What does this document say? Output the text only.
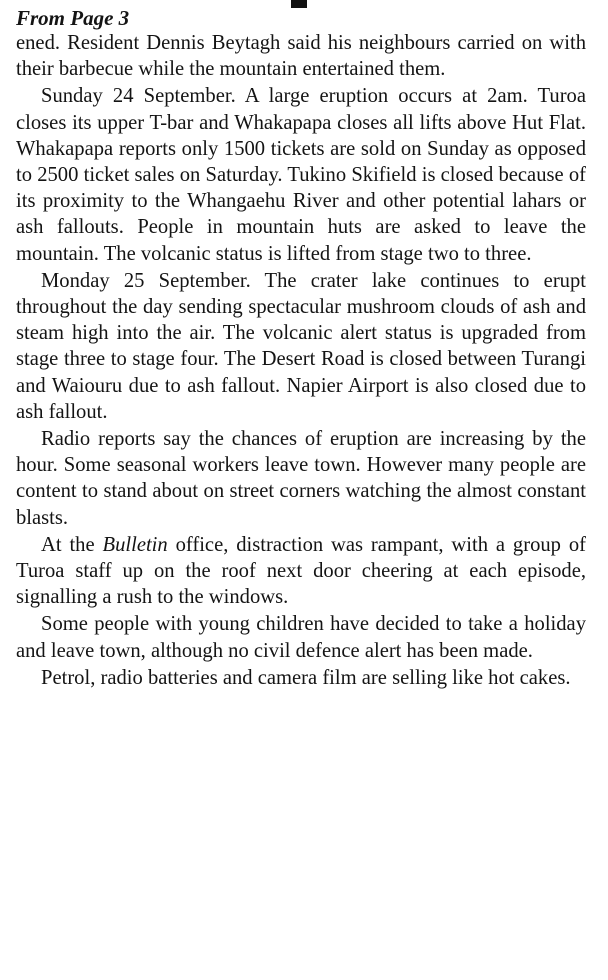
From Page 3

ened. Resident Dennis Beytagh said his neighbours carried on with their barbecue while the mountain entertained them.

Sunday 24 September. A large eruption occurs at 2am. Turoa closes its upper T-bar and Whakapapa closes all lifts above Hut Flat. Whakapapa reports only 1500 tickets are sold on Sunday as opposed to 2500 ticket sales on Saturday. Tukino Skifield is closed because of its proximity to the Whangaehu River and other potential lahars or ash fallouts. People in mountain huts are asked to leave the mountain. The volcanic status is lifted from stage two to three.

Monday 25 September. The crater lake continues to erupt throughout the day sending spectacular mushroom clouds of ash and steam high into the air. The volcanic alert status is upgraded from stage three to stage four. The Desert Road is closed between Turangi and Waiouru due to ash fallout. Napier Airport is also closed due to ash fallout.

Radio reports say the chances of eruption are increasing by the hour. Some seasonal workers leave town. However many people are content to stand about on street corners watching the almost constant blasts.

At the Bulletin office, distraction was rampant, with a group of Turoa staff up on the roof next door cheering at each episode, signalling a rush to the windows.

Some people with young children have decided to take a holiday and leave town, although no civil defence alert has been made.

Petrol, radio batteries and camera film are selling like hot cakes.
